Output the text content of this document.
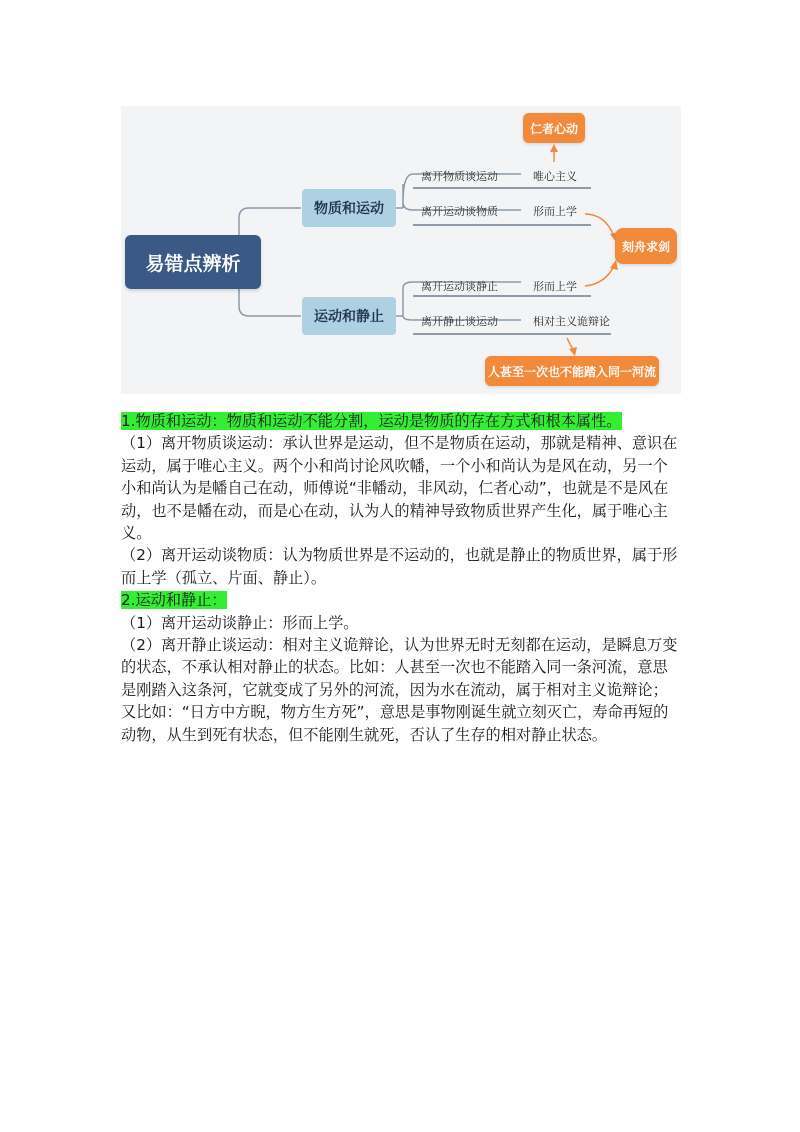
易错点辨析
物质和运动
运动和静止
离开物质谈运动	唯心主义
离开运动谈物质	形而上学
离开运动谈静止	形而上学
离开静止谈运动	相对主义诡辩论
仁者心动
刻舟求剑
人甚至一次也不能踏入同一河流

1.物质和运动：物质和运动不能分割，运动是物质的存在方式和根本属性。

（1）离开物质谈运动：承认世界是运动，但不是物质在运动，那就是精神、意识在运动，属于唯心主义。两个小和尚讨论风吹幡，一个小和尚认为是风在动，另一个小和尚认为是幡自己在动，师傅说“非幡动，非风动，仁者心动”，也就是不是风在动，也不是幡在动，而是心在动，认为人的精神导致物质世界产生化，属于唯心主义。

（2）离开运动谈物质：认为物质世界是不运动的，也就是静止的物质世界，属于形而上学（孤立、片面、静止）。

2.运动和静止：

（1）离开运动谈静止：形而上学。

（2）离开静止谈运动：相对主义诡辩论，认为世界无时无刻都在运动，是瞬息万变的状态，不承认相对静止的状态。比如：人甚至一次也不能踏入同一条河流，意思是刚踏入这条河，它就变成了另外的河流，因为水在流动，属于相对主义诡辩论；又比如：“日方中方睨，物方生方死”，意思是事物刚诞生就立刻灭亡，寿命再短的动物，从生到死有状态，但不能刚生就死，否认了生存的相对静止状态。
